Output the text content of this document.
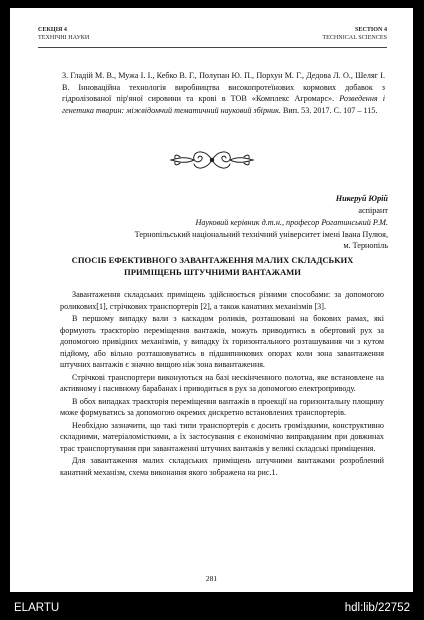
СЕКЦІЯ 4
ТЕХНІЧНІ НАУКИ
SECTION 4
TECHNICAL SCIENCES
3. Гладій М. В., Мужа І. І., Кебко В. Г., Полупан Ю. П., Порхун М. Г., Дедова Л. О., Шеляг І. В. Інноваційна технологія виробництва високопротеїнових кормових добавок з гідролізованої пір'яної сировини та крові в ТОВ «Комплекс Агромарс». Розведення і генетика тварин: міжвідомчий тематичний науковий збірник. Вип. 53. 2017. С. 107 – 115.
Никеруй Юрій
аспірант
Науковий керівник д.т.н., професор Рогатинський Р.М.
Тернопільський національний технічний університет імені Івана Пулюя,
м. Тернопіль
СПОСІБ ЕФЕКТИВНОГО ЗАВАНТАЖЕННЯ МАЛИХ СКЛАДСЬКИХ
ПРИМІЩЕНЬ ШТУЧНИМИ ВАНТАЖАМИ

Завантаження складських приміщень здійснюється різними способами: за допомогою роликових[1], стрічкових транспортерів [2], а також канатних механізмів [3].

В першому випадку вали з каскадом роликів, розташовані на бокових рамах, які формують траєкторію переміщення вантажів, можуть приводитись в обертовий рух за допомогою привідних механізмів, у випадку їх горизонтального розташування чи з кутом підйому, або вільно розташовуватись в підшипникових опорах коли зона завантаження штучних вантажів є значно вищою ніж зона вивантаження.

Стрічкові транспортери виконуються на базі нескінченного полотна, яке встановлене на активному і пасивному барабанах і приводиться в рух за допомогою електроприводу.

В обох випадках траєкторія переміщення вантажів в проекції на горизонтальну площину може формуватись за допомогою окремих дискретно встановлених транспортерів.

Необхідно зазначити, що такі типи транспортерів є досить громіздкими, конструктивно складними, матеріаломісткими, а їх застосування є економічно виправданим при довжинах трас транспортування при завантаженні штучних вантажів у великі складські приміщення.

Для завантаження малих складських приміщень штучними вантажами розроблений канатний механізм, схема виконання якого зображена на рис.1.

281
ELARTU	hdl:lib/22752
